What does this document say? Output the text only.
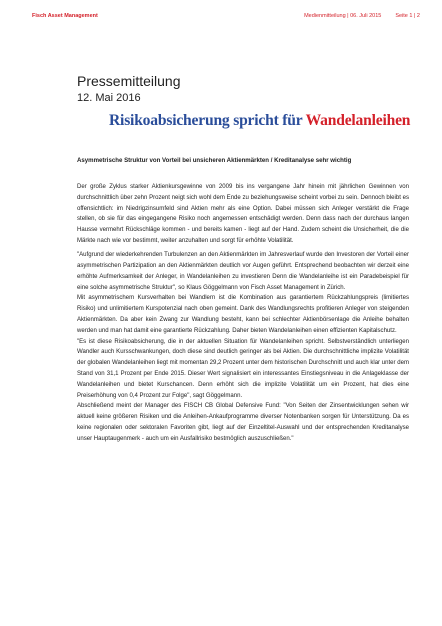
Fisch Asset Management	Medienmitteilung | 06. Juli 2015	Seite 1 | 2
Pressemitteilung
12. Mai 2016
Risikoabsicherung spricht für Wandelanleihen
Asymmetrische Struktur von Vorteil bei unsicheren Aktienmärkten / Kreditanalyse sehr wichtig

Der große Zyklus starker Aktienkursgewinne von 2009 bis ins vergangene Jahr hinein mit jährlichen Gewinnen von durchschnittlich über zehn Prozent neigt sich wohl dem Ende zu beziehungsweise scheint vorbei zu sein. Dennoch bleibt es offensichtlich: im Niedrigzinsumfeld sind Aktien mehr als eine Option. Dabei müssen sich Anleger verstärkt die Frage stellen, ob sie für das eingegangene Risiko noch angemessen entschädigt werden. Denn dass nach der durchaus langen Hausse vermehrt Rückschläge kommen - und bereits kamen - liegt auf der Hand. Zudem scheint die Unsicherheit, die die Märkte nach wie vor bestimmt, weiter anzuhalten und sorgt für erhöhte Volatilität.

"Aufgrund der wiederkehrenden Turbulenzen an den Aktienmärkten im Jahresverlauf wurde den Investoren der Vorteil einer asymmetrischen Partizipation an den Aktienmärkten deutlich vor Augen geführt. Entsprechend beobachten wir derzeit eine erhöhte Aufmerksamkeit der Anleger, in Wandelanleihen zu investieren Denn die Wandelanleihe ist ein Paradebeispiel für eine solche asymmetrische Struktur", so Klaus Göggelmann von Fisch Asset Management in Zürich.

Mit asymmetrischem Kursverhalten bei Wandlern ist die Kombination aus garantiertem Rückzahlungspreis (limitiertes Risiko) und unlimitiertem Kurspotenzial nach oben gemeint. Dank des Wandlungsrechts profitieren Anleger von steigenden Aktienmärkten. Da aber kein Zwang zur Wandlung besteht, kann bei schlechter Aktienbörsenlage die Anleihe behalten werden und man hat damit eine garantierte Rückzahlung. Daher bieten Wandelanleihen einen effizienten Kapitalschutz.

"Es ist diese Risikoabsicherung, die in der aktuellen Situation für Wandelanleihen spricht. Selbstverständlich unterliegen Wandler auch Kursschwankungen, doch diese sind deutlich geringer als bei Aktien. Die durchschnittliche implizite Volatilität der globalen Wandelanleihen liegt mit momentan 29,2 Prozent unter dem historischen Durchschnitt und auch klar unter dem Stand von 31,1 Prozent per Ende 2015. Dieser Wert signalisiert ein interessantes Einstiegsniveau in die Anlageklasse der Wandelanleihen und bietet Kurschancen. Denn erhöht sich die implizite Volatilität um ein Prozent, hat dies eine Preiserhöhung von 0,4 Prozent zur Folge", sagt Göggelmann.

Abschließend meint der Manager des FISCH CB Global Defensive Fund: "Von Seiten der Zinsentwicklungen sehen wir aktuell keine größeren Risiken und die Anleihen-Ankaufprogramme diverser Notenbanken sorgen für Unterstützung. Da es keine regionalen oder sektoralen Favoriten gibt, liegt auf der Einzeltitel-Auswahl und der entsprechenden Kreditanalyse unser Hauptaugenmerk - auch um ein Ausfallrisiko bestmöglich auszuschließen."
